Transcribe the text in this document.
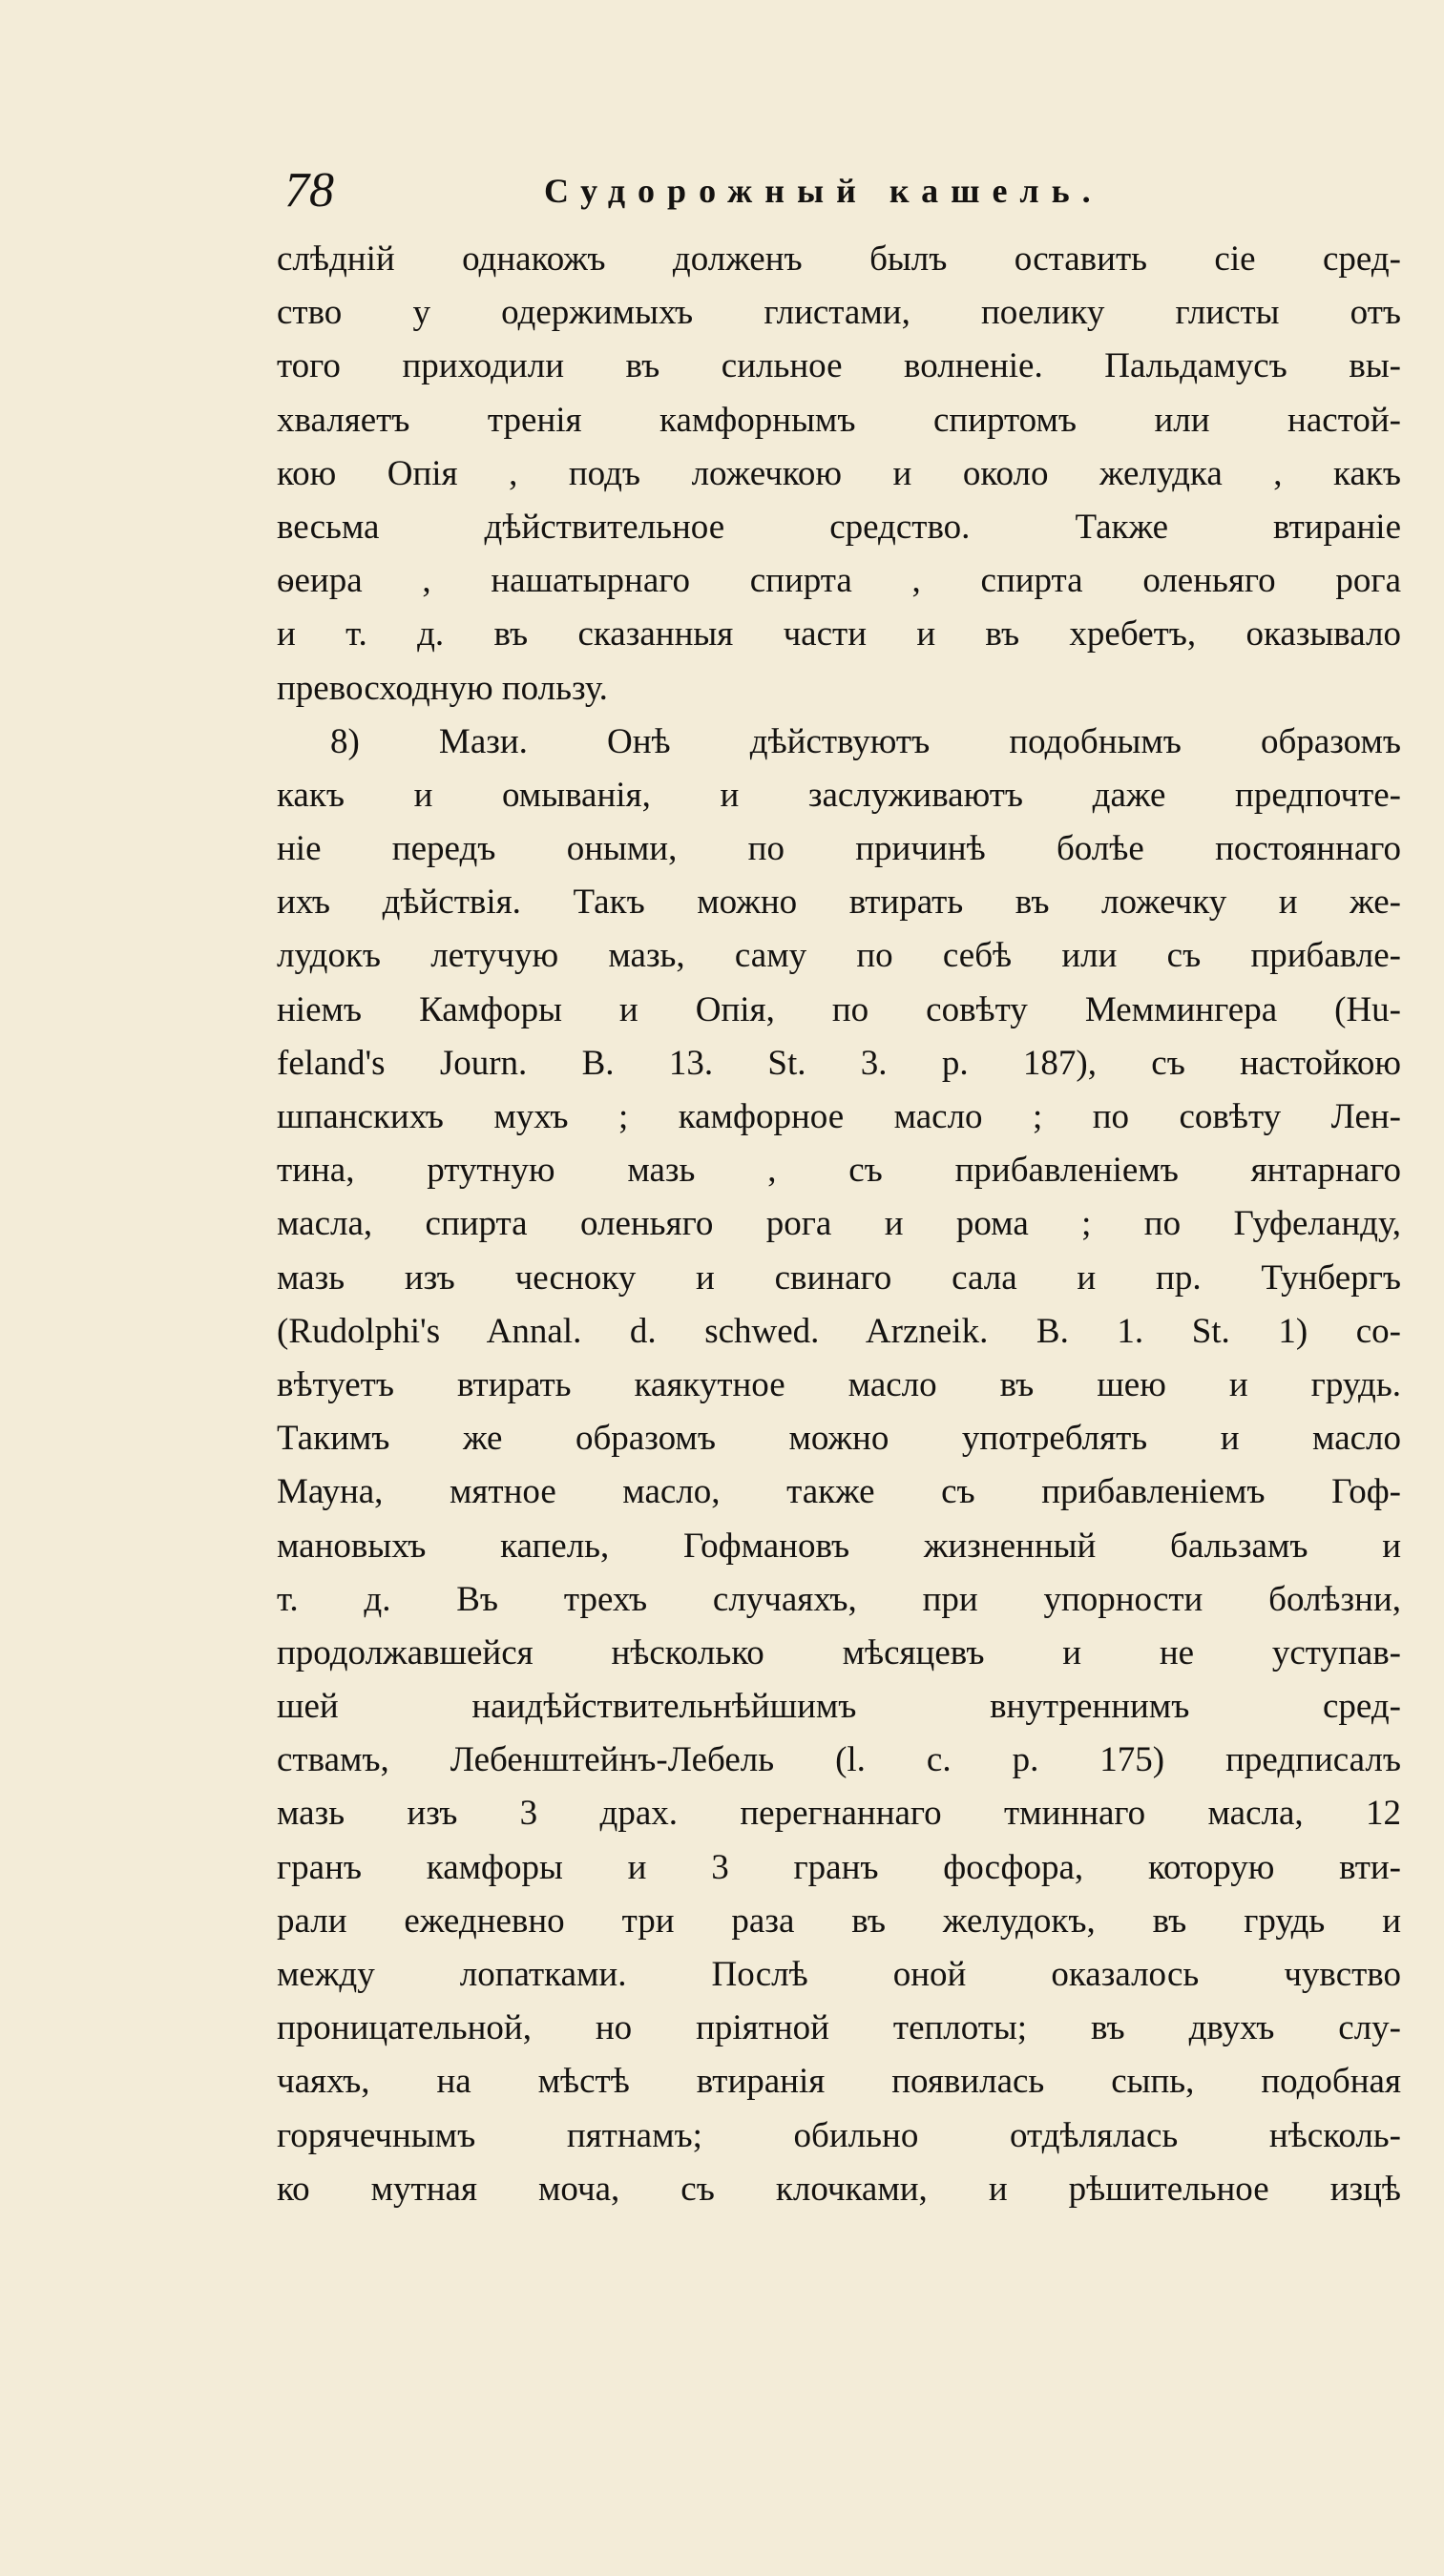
78	Судорожный кашель.
слѣдній однакожъ долженъ былъ оставить сіе сред-
ство у одержимыхъ глистами, поелику глисты отъ
того приходили въ сильное волненіе. Пальдамусъ вы-
хваляетъ тренія камфорнымъ спиртомъ или настой-
кою Опія , подъ ложечкою и около желудка , какъ
весьма дѣйствительное средство. Также втираніе
ѳеира , нашатырнаго спирта , спирта оленьяго рога
и т. д. въ сказанныя части и въ хребетъ, оказывало
превосходную пользу.
8) Мази. Онѣ дѣйствуютъ подобнымъ образомъ
какъ и омыванія, и заслуживаютъ даже предпочте-
ніе передъ оными, по причинѣ болѣе постояннаго
ихъ дѣйствія. Такъ можно втирать въ ложечку и же-
лудокъ летучую мазь, саму по себѣ или съ прибавле-
ніемъ Камфоры и Опія, по совѣту Меммингера (Hu-
feland's Journ. B. 13. St. 3. p. 187), съ настойкою
шпанскихъ мухъ ; камфорное масло ; по совѣту Лен-
тина, ртутную мазь , съ прибавленіемъ янтарнаго
масла, спирта оленьяго рога и рома ; по Гуфеланду,
мазь изъ чесноку и свинаго сала и пр. Тунбергъ
(Rudolphi's Annal. d. schwed. Arzneik. B. 1. St. 1) со-
вѣтуетъ втирать каякутное масло въ шею и грудь.
Такимъ же образомъ можно употреблять и масло
Мауна, мятное масло, также съ прибавленіемъ Гоф-
мановыхъ капель, Гофмановъ жизненный бальзамъ и
т. д. Въ трехъ случаяхъ, при упорности болѣзни,
продолжавшейся нѣсколько мѣсяцевъ и не уступав-
шей наидѣйствительнѣйшимъ внутреннимъ сред-
ствамъ, Лебенштейнъ-Лебель (l. c. p. 175) предписалъ
мазь изъ 3 драх. перегнаннаго тминнаго масла, 12
гранъ камфоры и 3 гранъ фосфора, которую вти-
рали ежедневно три раза въ желудокъ, въ грудь и
между лопатками. Послѣ оной оказалось чувство
проницательной, но пріятной теплоты; въ двухъ слу-
чаяхъ, на мѣстѣ втиранія появилась сыпь, подобная
горячечнымъ пятнамъ; обильно отдѣлялась нѣсколь-
ко мутная моча, съ клочками, и рѣшительное изцѣ
